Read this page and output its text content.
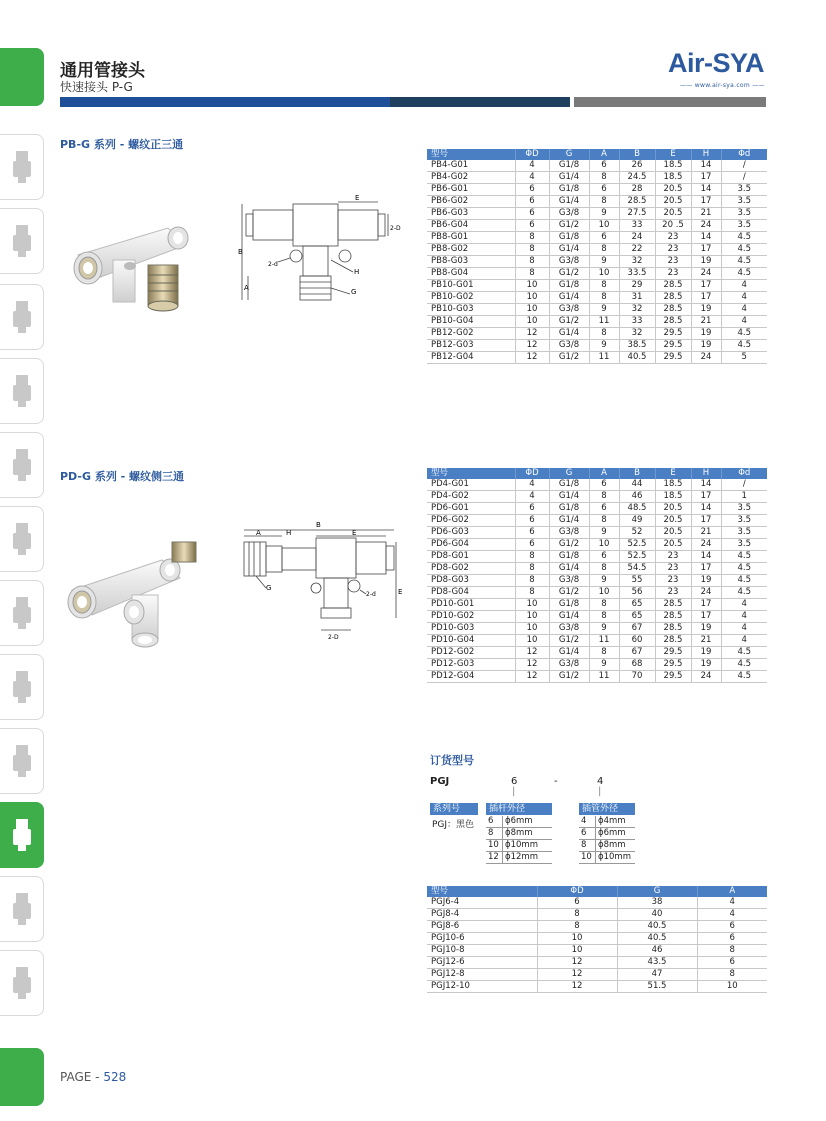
通用管接头
快速接头 P-G
Air-SYA
—— www.air-sya.com ——
PB-G 系列 - 螺纹正三通
E
2-D
2-d
B
A
H
G
型号	ΦD	G	A	B	E	H	Φd
PB4-G01	4	G1/8	6	26	18.5	14	/
PB4-G02	4	G1/4	8	24.5	18.5	17	/
PB6-G01	6	G1/8	6	28	20.5	14	3.5
PB6-G02	6	G1/4	8	28.5	20.5	17	3.5
PB6-G03	6	G3/8	9	27.5	20.5	21	3.5
PB6-G04	6	G1/2	10	33	20 .5	24	3.5
PB8-G01	8	G1/8	6	24	23	14	4.5
PB8-G02	8	G1/4	8	22	23	17	4.5
PB8-G03	8	G3/8	9	32	23	19	4.5
PB8-G04	8	G1/2	10	33.5	23	24	4.5
PB10-G01	10	G1/8	8	29	28.5	17	4
PB10-G02	10	G1/4	8	31	28.5	17	4
PB10-G03	10	G3/8	9	32	28.5	19	4
PB10-G04	10	G1/2	11	33	28.5	21	4
PB12-G02	12	G1/4	8	32	29.5	19	4.5
PB12-G03	12	G3/8	9	38.5	29.5	19	4.5
PB12-G04	12	G1/2	11	40.5	29.5	24	5
PD-G 系列 - 螺纹侧三通
B
A	H	E
G
2-d
2-D
E
型号	ΦD	G	A	B	E	H	Φd
PD4-G01	4	G1/8	6	44	18.5	14	/
PD4-G02	4	G1/4	8	46	18.5	17	1
PD6-G01	6	G1/8	6	48.5	20.5	14	3.5
PD6-G02	6	G1/4	8	49	20.5	17	3.5
PD6-G03	6	G3/8	9	52	20.5	21	3.5
PD6-G04	6	G1/2	10	52.5	20.5	24	3.5
PD8-G01	8	G1/8	6	52.5	23	14	4.5
PD8-G02	8	G1/4	8	54.5	23	17	4.5
PD8-G03	8	G3/8	9	55	23	19	4.5
PD8-G04	8	G1/2	10	56	23	24	4.5
PD10-G01	10	G1/8	8	65	28.5	17	4
PD10-G02	10	G1/4	8	65	28.5	17	4
PD10-G03	10	G3/8	9	67	28.5	19	4
PD10-G04	10	G1/2	11	60	28.5	21	4
PD12-G02	12	G1/4	8	67	29.5	19	4.5
PD12-G03	12	G3/8	9	68	29.5	19	4.5
PD12-G04	12	G1/2	11	70	29.5	24	4.5
订货型号
PGJ	6	-	4
|	|
系列号
PGJ：黑色
插杆外径
6	ϕ6mm
8	ϕ8mm
10	ϕ10mm
12	ϕ12mm
插管外径
4	ϕ4mm
6	ϕ6mm
8	ϕ8mm
10	ϕ10mm
型号	ΦD	G	A
PGJ6-4	6	38	4
PGJ8-4	8	40	4
PGJ8-6	8	40.5	6
PGJ10-6	10	40.5	6
PGJ10-8	10	46	8
PGJ12-6	12	43.5	6
PGJ12-8	12	47	8
PGJ12-10	12	51.5	10
PAGE - 528
